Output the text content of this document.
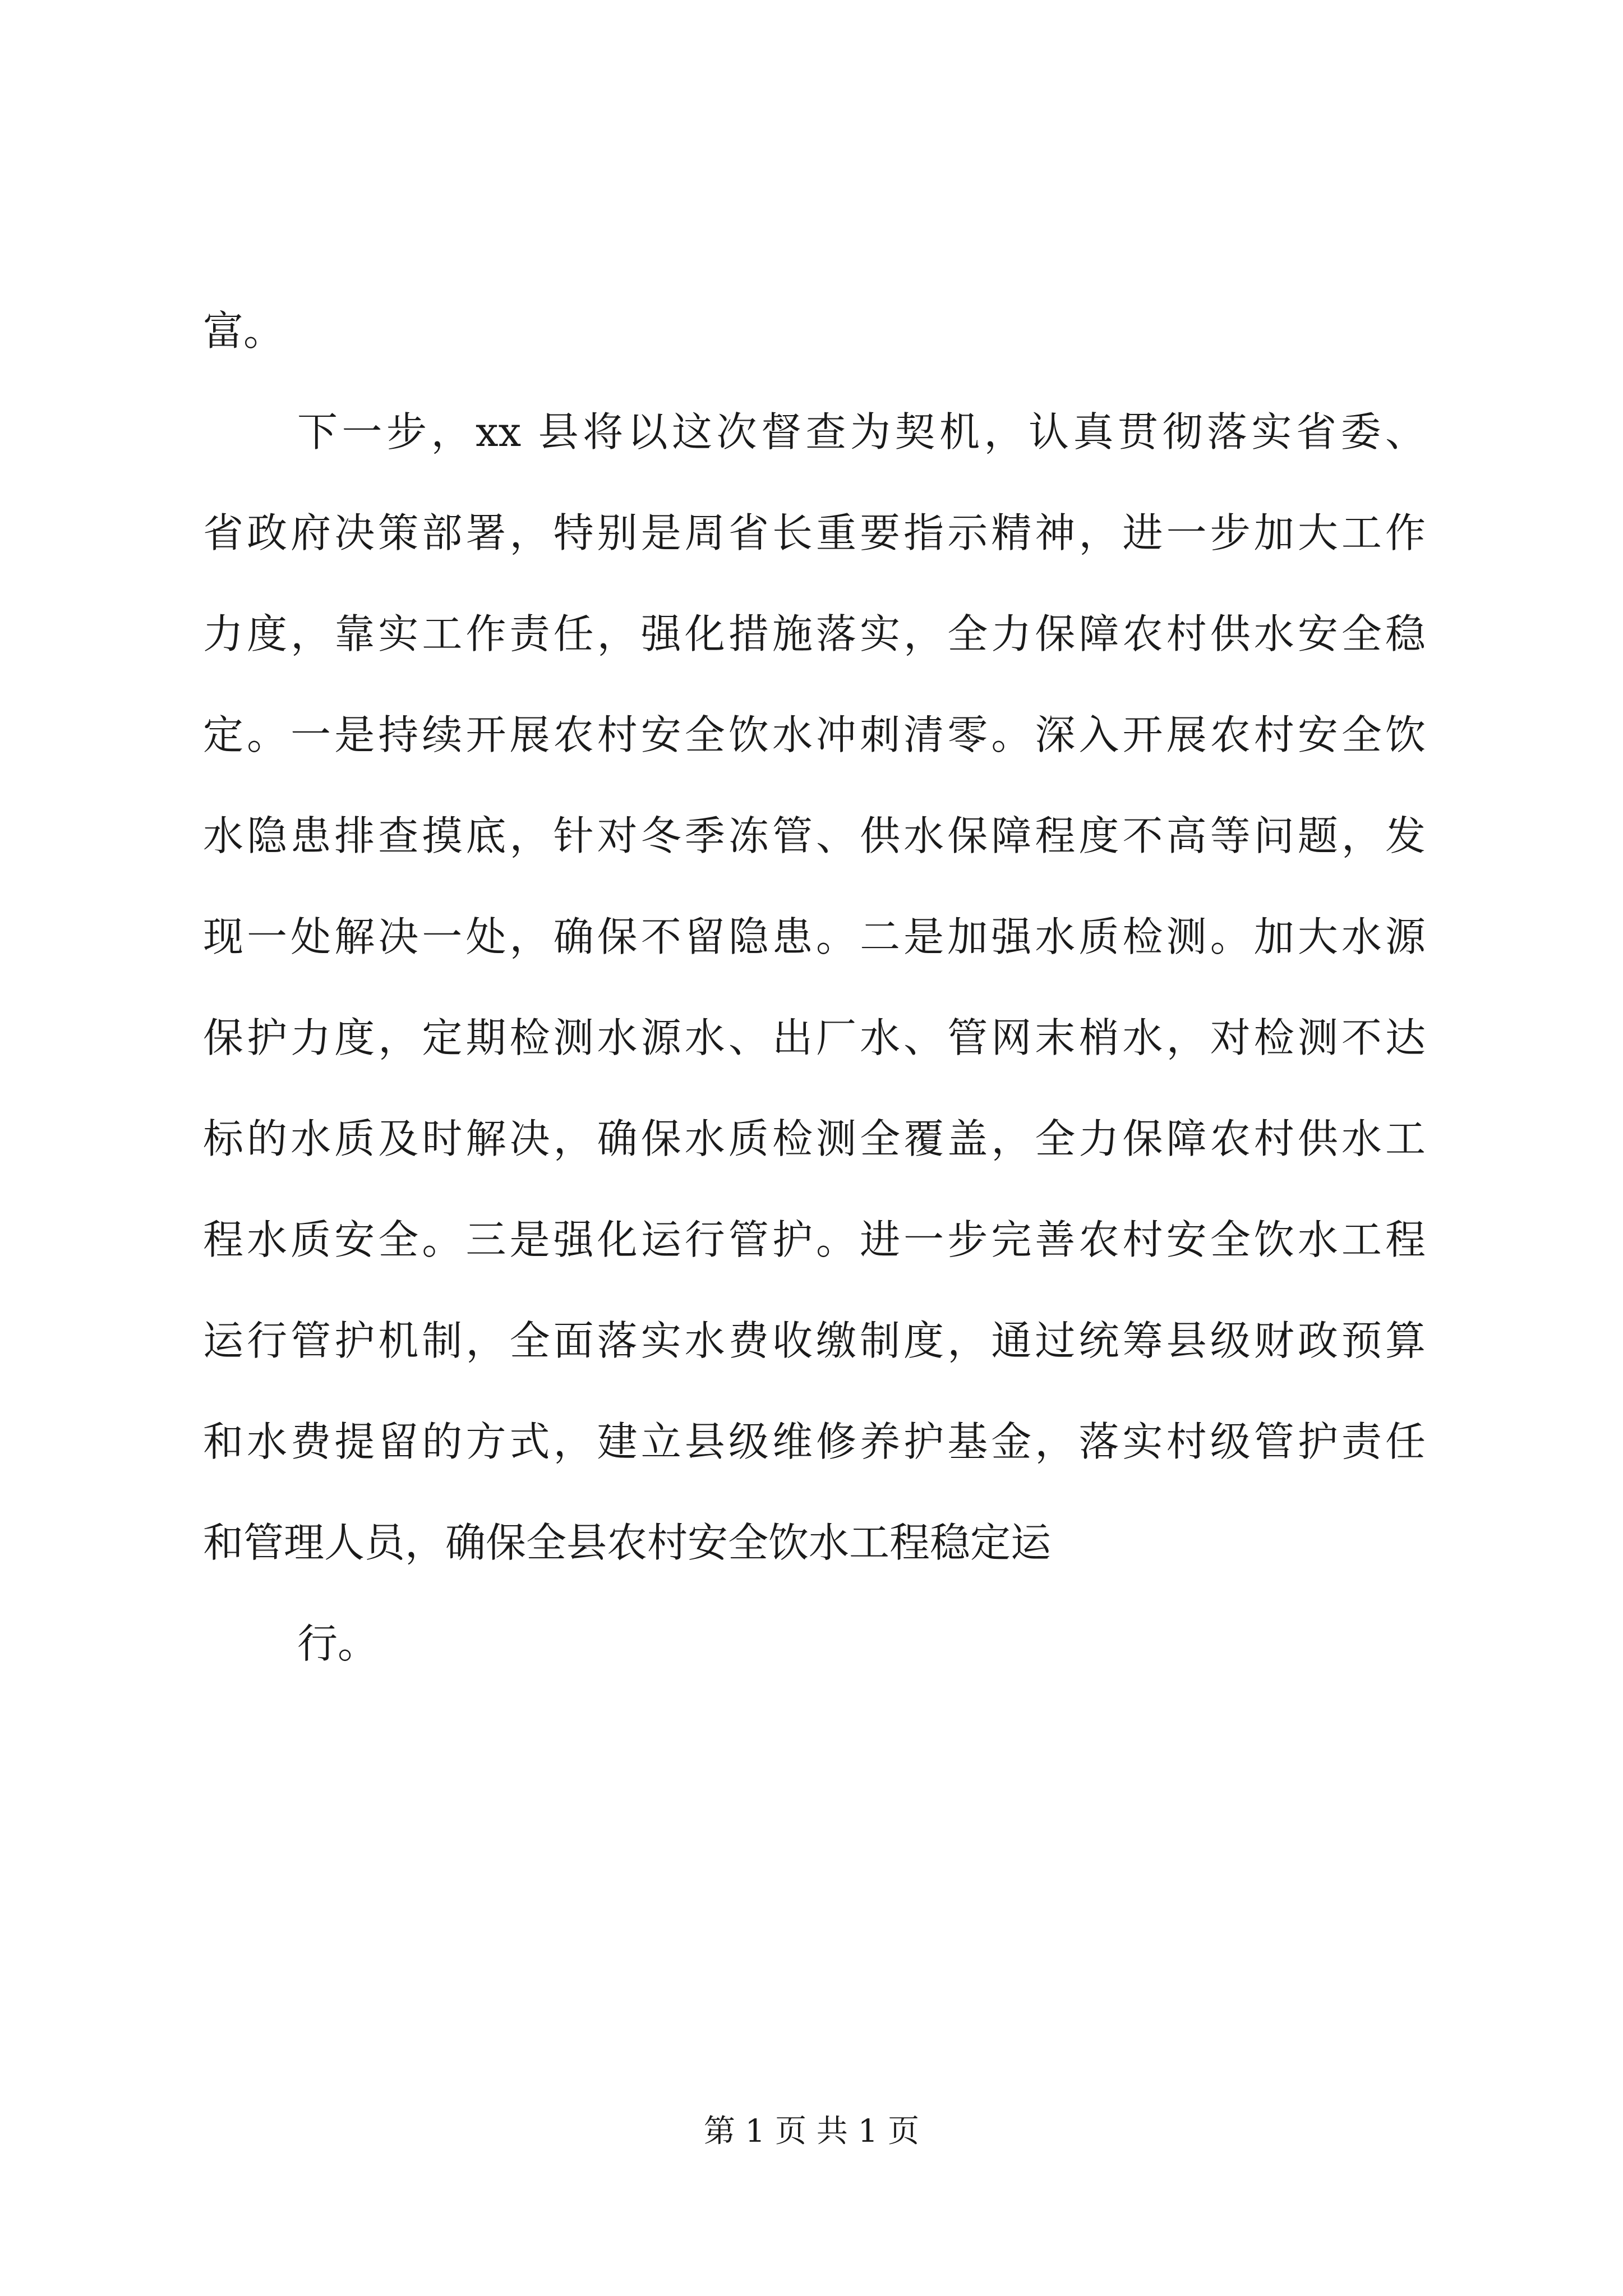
富。
下一步，xx 县将以这次督查为契机，认真贯彻落实省委、
省政府决策部署，特别是周省长重要指示精神，进一步加大工作
力度，靠实工作责任，强化措施落实，全力保障农村供水安全稳
定。一是持续开展农村安全饮水冲刺清零。深入开展农村安全饮
水隐患排查摸底，针对冬季冻管、供水保障程度不高等问题，发
现一处解决一处，确保不留隐患。二是加强水质检测。加大水源
保护力度，定期检测水源水、出厂水、管网末梢水，对检测不达
标的水质及时解决，确保水质检测全覆盖，全力保障农村供水工
程水质安全。三是强化运行管护。进一步完善农村安全饮水工程
运行管护机制，全面落实水费收缴制度，通过统筹县级财政预算
和水费提留的方式，建立县级维修养护基金，落实村级管护责任
和管理人员，确保全县农村安全饮水工程稳定运
行。
第 1 页 共 1 页
